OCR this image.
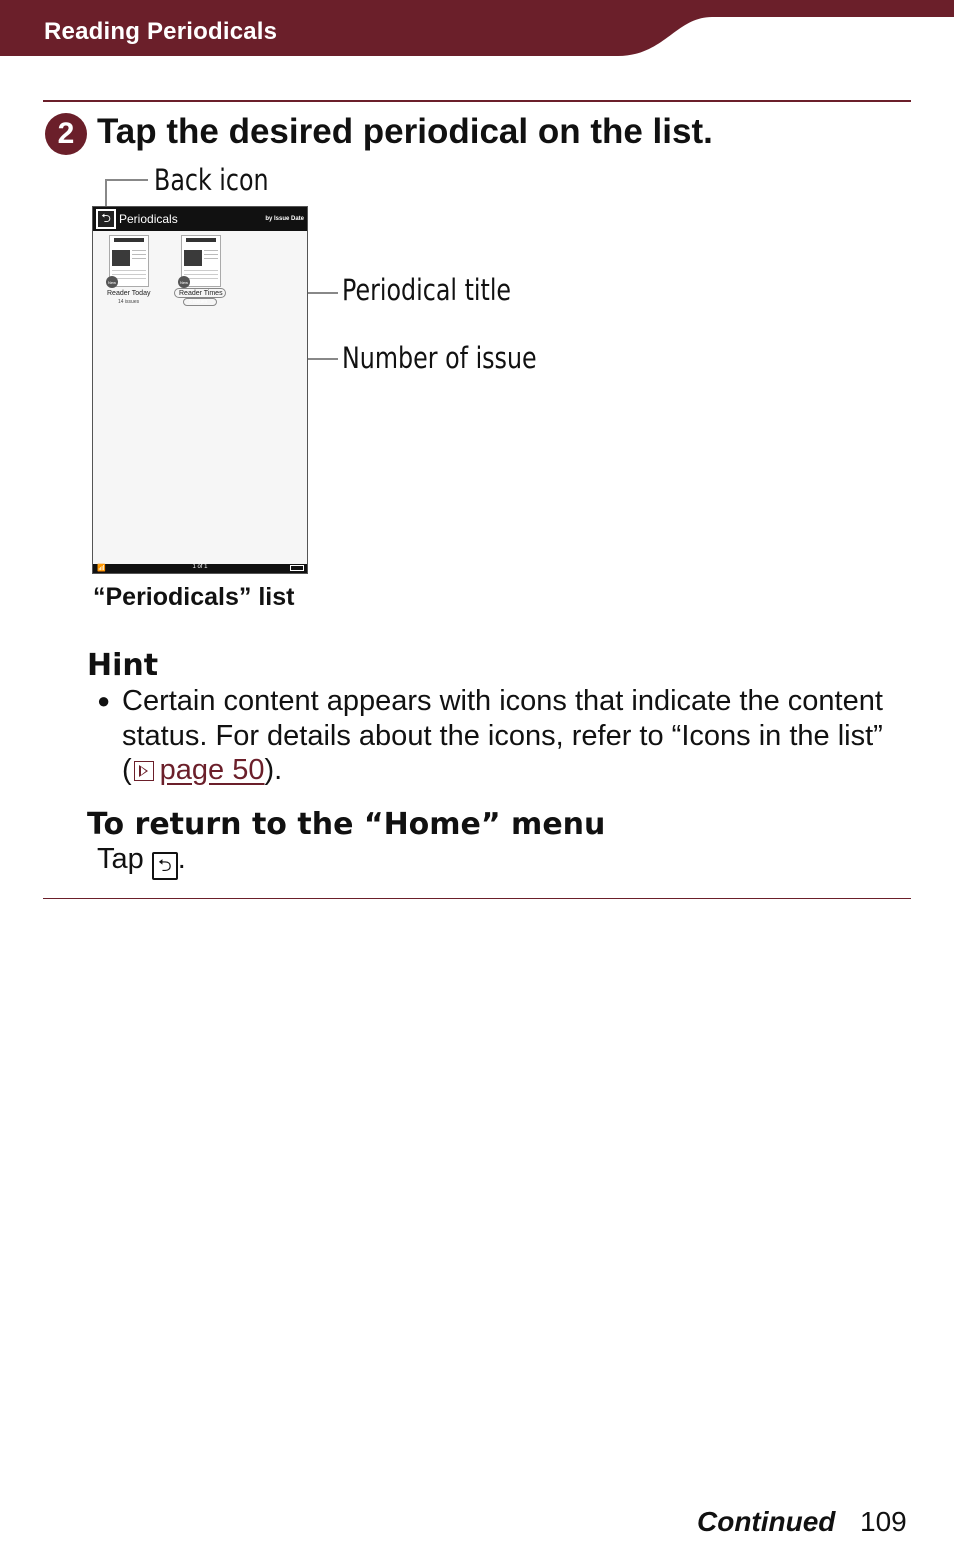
Reading Periodicals
2 Tap the desired periodical on the list.
Back icon
Periodical title
Number of issue
⮌ Periodicals	by Issue Date
New
Reader Today
14 issues
New
Reader Times
5 issues
📶	1 of 1
“Periodicals” list
Hint
● Certain content appears with icons that indicate the content status. For details about the icons, refer to “Icons in the list” ( page 50).
To return to the “Home” menu
Tap ⮌ .
Continued 109
